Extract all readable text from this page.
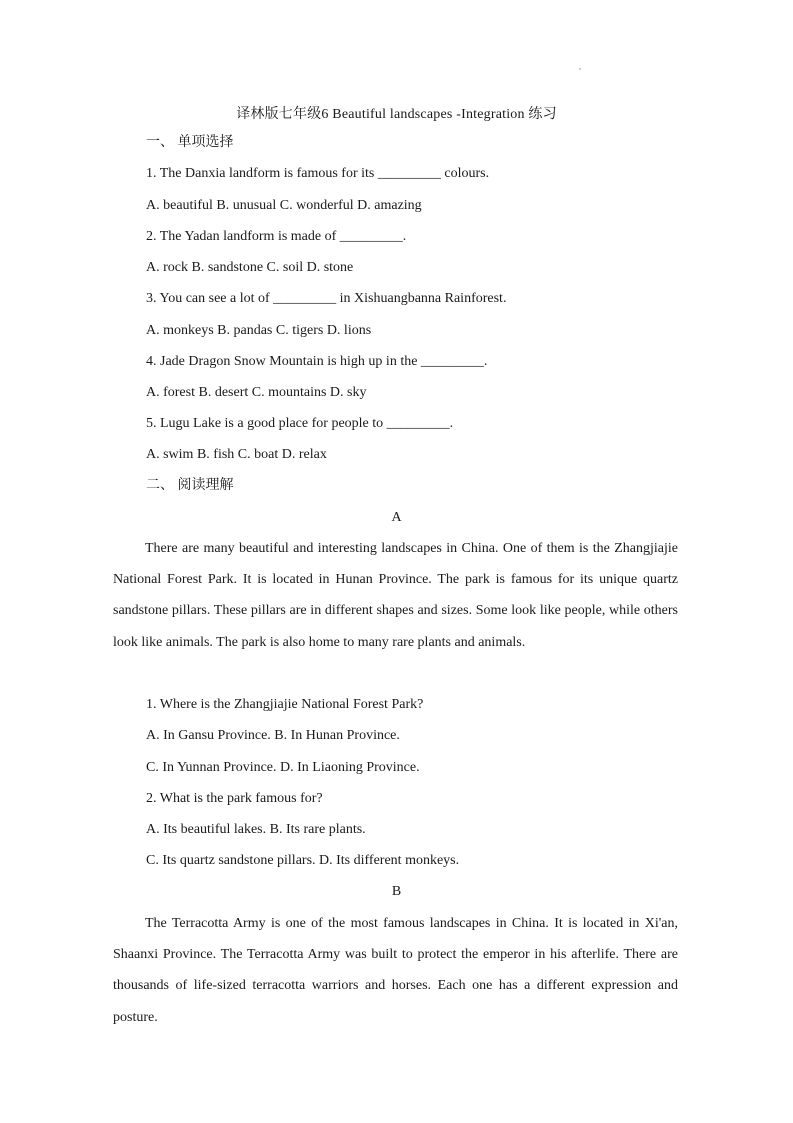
译林版七年级6 Beautiful landscapes -Integration 练习
一、 单项选择
1. The Danxia landform is famous for its _________ colours.
A. beautiful B. unusual C. wonderful D. amazing
2. The Yadan landform is made of _________.
A. rock B. sandstone C. soil D. stone
3. You can see a lot of _________ in Xishuangbanna Rainforest.
A. monkeys B. pandas C. tigers D. lions
4. Jade Dragon Snow Mountain is high up in the _________.
A. forest B. desert C. mountains D. sky
5. Lugu Lake is a good place for people to _________.
A. swim B. fish C. boat D. relax
二、 阅读理解
A
There are many beautiful and interesting landscapes in China. One of them is the Zhangjiajie National Forest Park. It is located in Hunan Province. The park is famous for its unique quartz sandstone pillars. These pillars are in different shapes and sizes. Some look like people, while others look like animals. The park is also home to many rare plants and animals.
1. Where is the Zhangjiajie National Forest Park?
A. In Gansu Province. B. In Hunan Province.
C. In Yunnan Province. D. In Liaoning Province.
2. What is the park famous for?
A. Its beautiful lakes. B. Its rare plants.
C. Its quartz sandstone pillars. D. Its different monkeys.
B
The Terracotta Army is one of the most famous landscapes in China. It is located in Xi'an, Shaanxi Province. The Terracotta Army was built to protect the emperor in his afterlife. There are thousands of life-sized terracotta warriors and horses. Each one has a different expression and posture.
